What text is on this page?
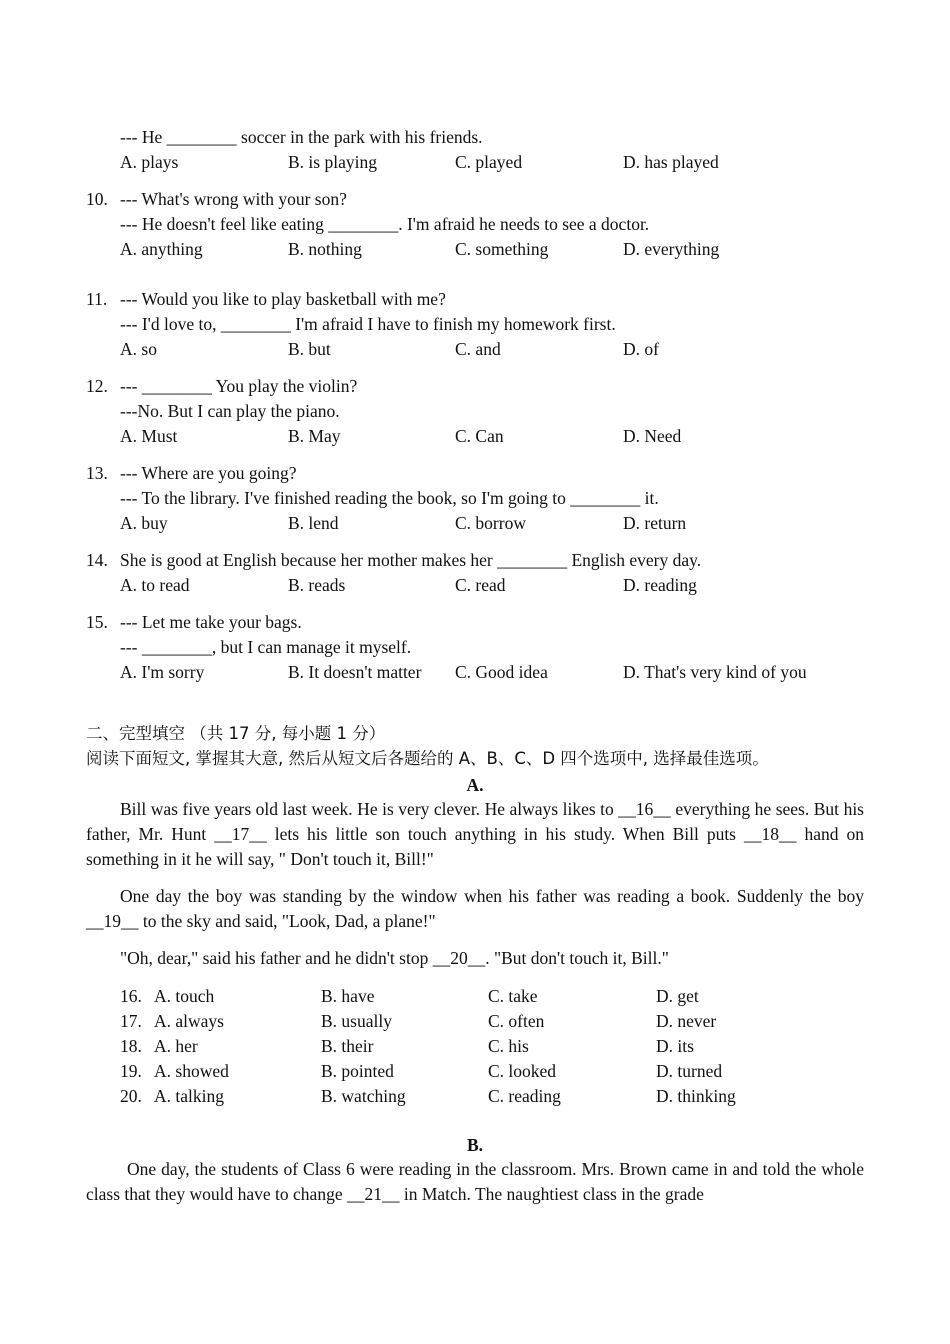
--- He ________ soccer in the park with his friends.
A. plays	B. is playing	C. played	D. has played
10. --- What's wrong with your son?
--- He doesn't feel like eating ________. I'm afraid he needs to see a doctor.
A. anything	B. nothing	C. something	D. everything
11. --- Would you like to play basketball with me?
--- I'd love to, ________ I'm afraid I have to finish my homework first.
A. so	B. but	C. and	D. of
12. --- ________ You play the violin?
---No. But I can play the piano.
A. Must	B. May	C. Can	D. Need
13. --- Where are you going?
--- To the library. I've finished reading the book, so I'm going to ________ it.
A. buy	B. lend	C. borrow	D. return
14. She is good at English because her mother makes her ________ English every day.
A. to read	B. reads	C. read	D. reading
15. --- Let me take your bags.
--- ________, but I can manage it myself.
A. I'm sorry	B. It doesn't matter C. Good idea	D. That's very kind of you
二、完型填空 （共 17 分, 每小题 1 分）
阅读下面短文, 掌握其大意, 然后从短文后各题给的 A、B、C、D 四个选项中, 选择最佳选项。
A.
Bill was five years old last week. He is very clever. He always likes to __16__ everything he sees. But his father, Mr. Hunt __17__ lets his little son touch anything in his study. When Bill puts __18__ hand on something in it he will say, " Don't touch it, Bill!"
One day the boy was standing by the window when his father was reading a book. Suddenly the boy __19__ to the sky and said, "Look, Dad, a plane!"
"Oh, dear," said his father and he didn't stop __20__. "But don't touch it, Bill."
16. A. touch	B. have	C. take	D. get
17. A. always	B. usually	C. often	D. never
18. A. her	B. their	C. his	D. its
19. A. showed	B. pointed	C. looked	D. turned
20. A. talking	B. watching	C. reading	D. thinking
B.
One day, the students of Class 6 were reading in the classroom. Mrs. Brown came in and told the whole class that they would have to change __21__ in Match. The naughtiest class in the grade
